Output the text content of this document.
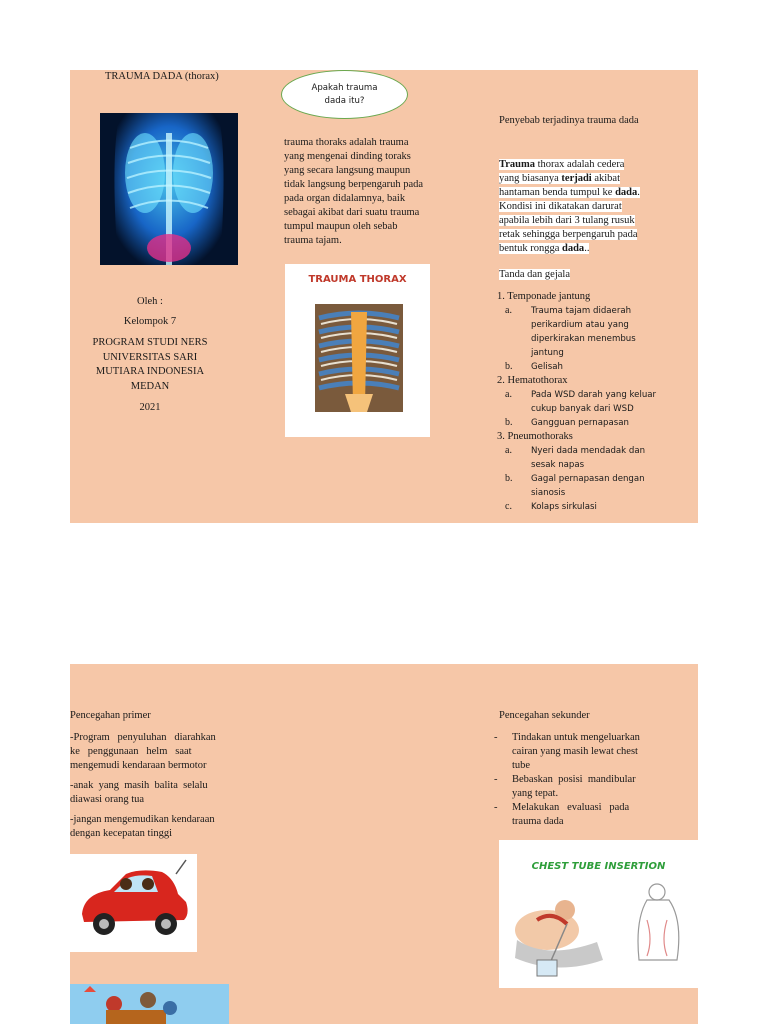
TRAUMA DADA (thorax)
Oleh :
Kelompok 7
PROGRAM STUDI NERS
UNIVERSITAS SARI
MUTIARA INDONESIA
MEDAN
2021
Apakah trauma
dada itu?
trauma thoraks adalah trauma
yang mengenai dinding toraks
yang secara langsung maupun
tidak langsung berpengaruh pada
pada organ didalamnya, baik
sebagai akibat dari suatu trauma
tumpul maupun oleh sebab
trauma tajam.
TRAUMA THORAX
Penyebab terjadinya trauma dada
Trauma thorax adalah cedera
yang biasanya terjadi akibat
hantaman benda tumpul ke dada.
Kondisi ini dikatakan darurat
apabila lebih dari 3 tulang rusuk
retak sehingga berpengaruh pada
bentuk rongga dada..
Tanda dan gejala
1. Temponade jantung
a.	Trauma tajam didaerah
perikardium atau yang
diperkirakan menembus
jantung
b.	Gelisah
2. Hematothorax
a.	Pada WSD darah yang keluar
cukup banyak dari WSD
b.	Gangguan pernapasan
3. Pneumothoraks
a.	Nyeri dada mendadak dan
sesak napas
b.	Gagal pernapasan dengan
sianosis
c.	Kolaps sirkulasi
Pencegahan primer
-Program   penyuluhan   diarahkan
ke   penggunaan   helm   saat
mengemudi kendaraan bermotor
-anak  yang  masih  balita  selalu
diawasi orang tua
-jangan mengemudikan kendaraan
dengan kecepatan tinggi
Pencegahan sekunder
-	Tindakan untuk mengeluarkan
cairan yang masih lewat chest
tube
-	Bebaskan  posisi  mandibular
yang tepat.
-	Melakukan   evaluasi   pada
trauma dada
CHEST TUBE INSERTION
